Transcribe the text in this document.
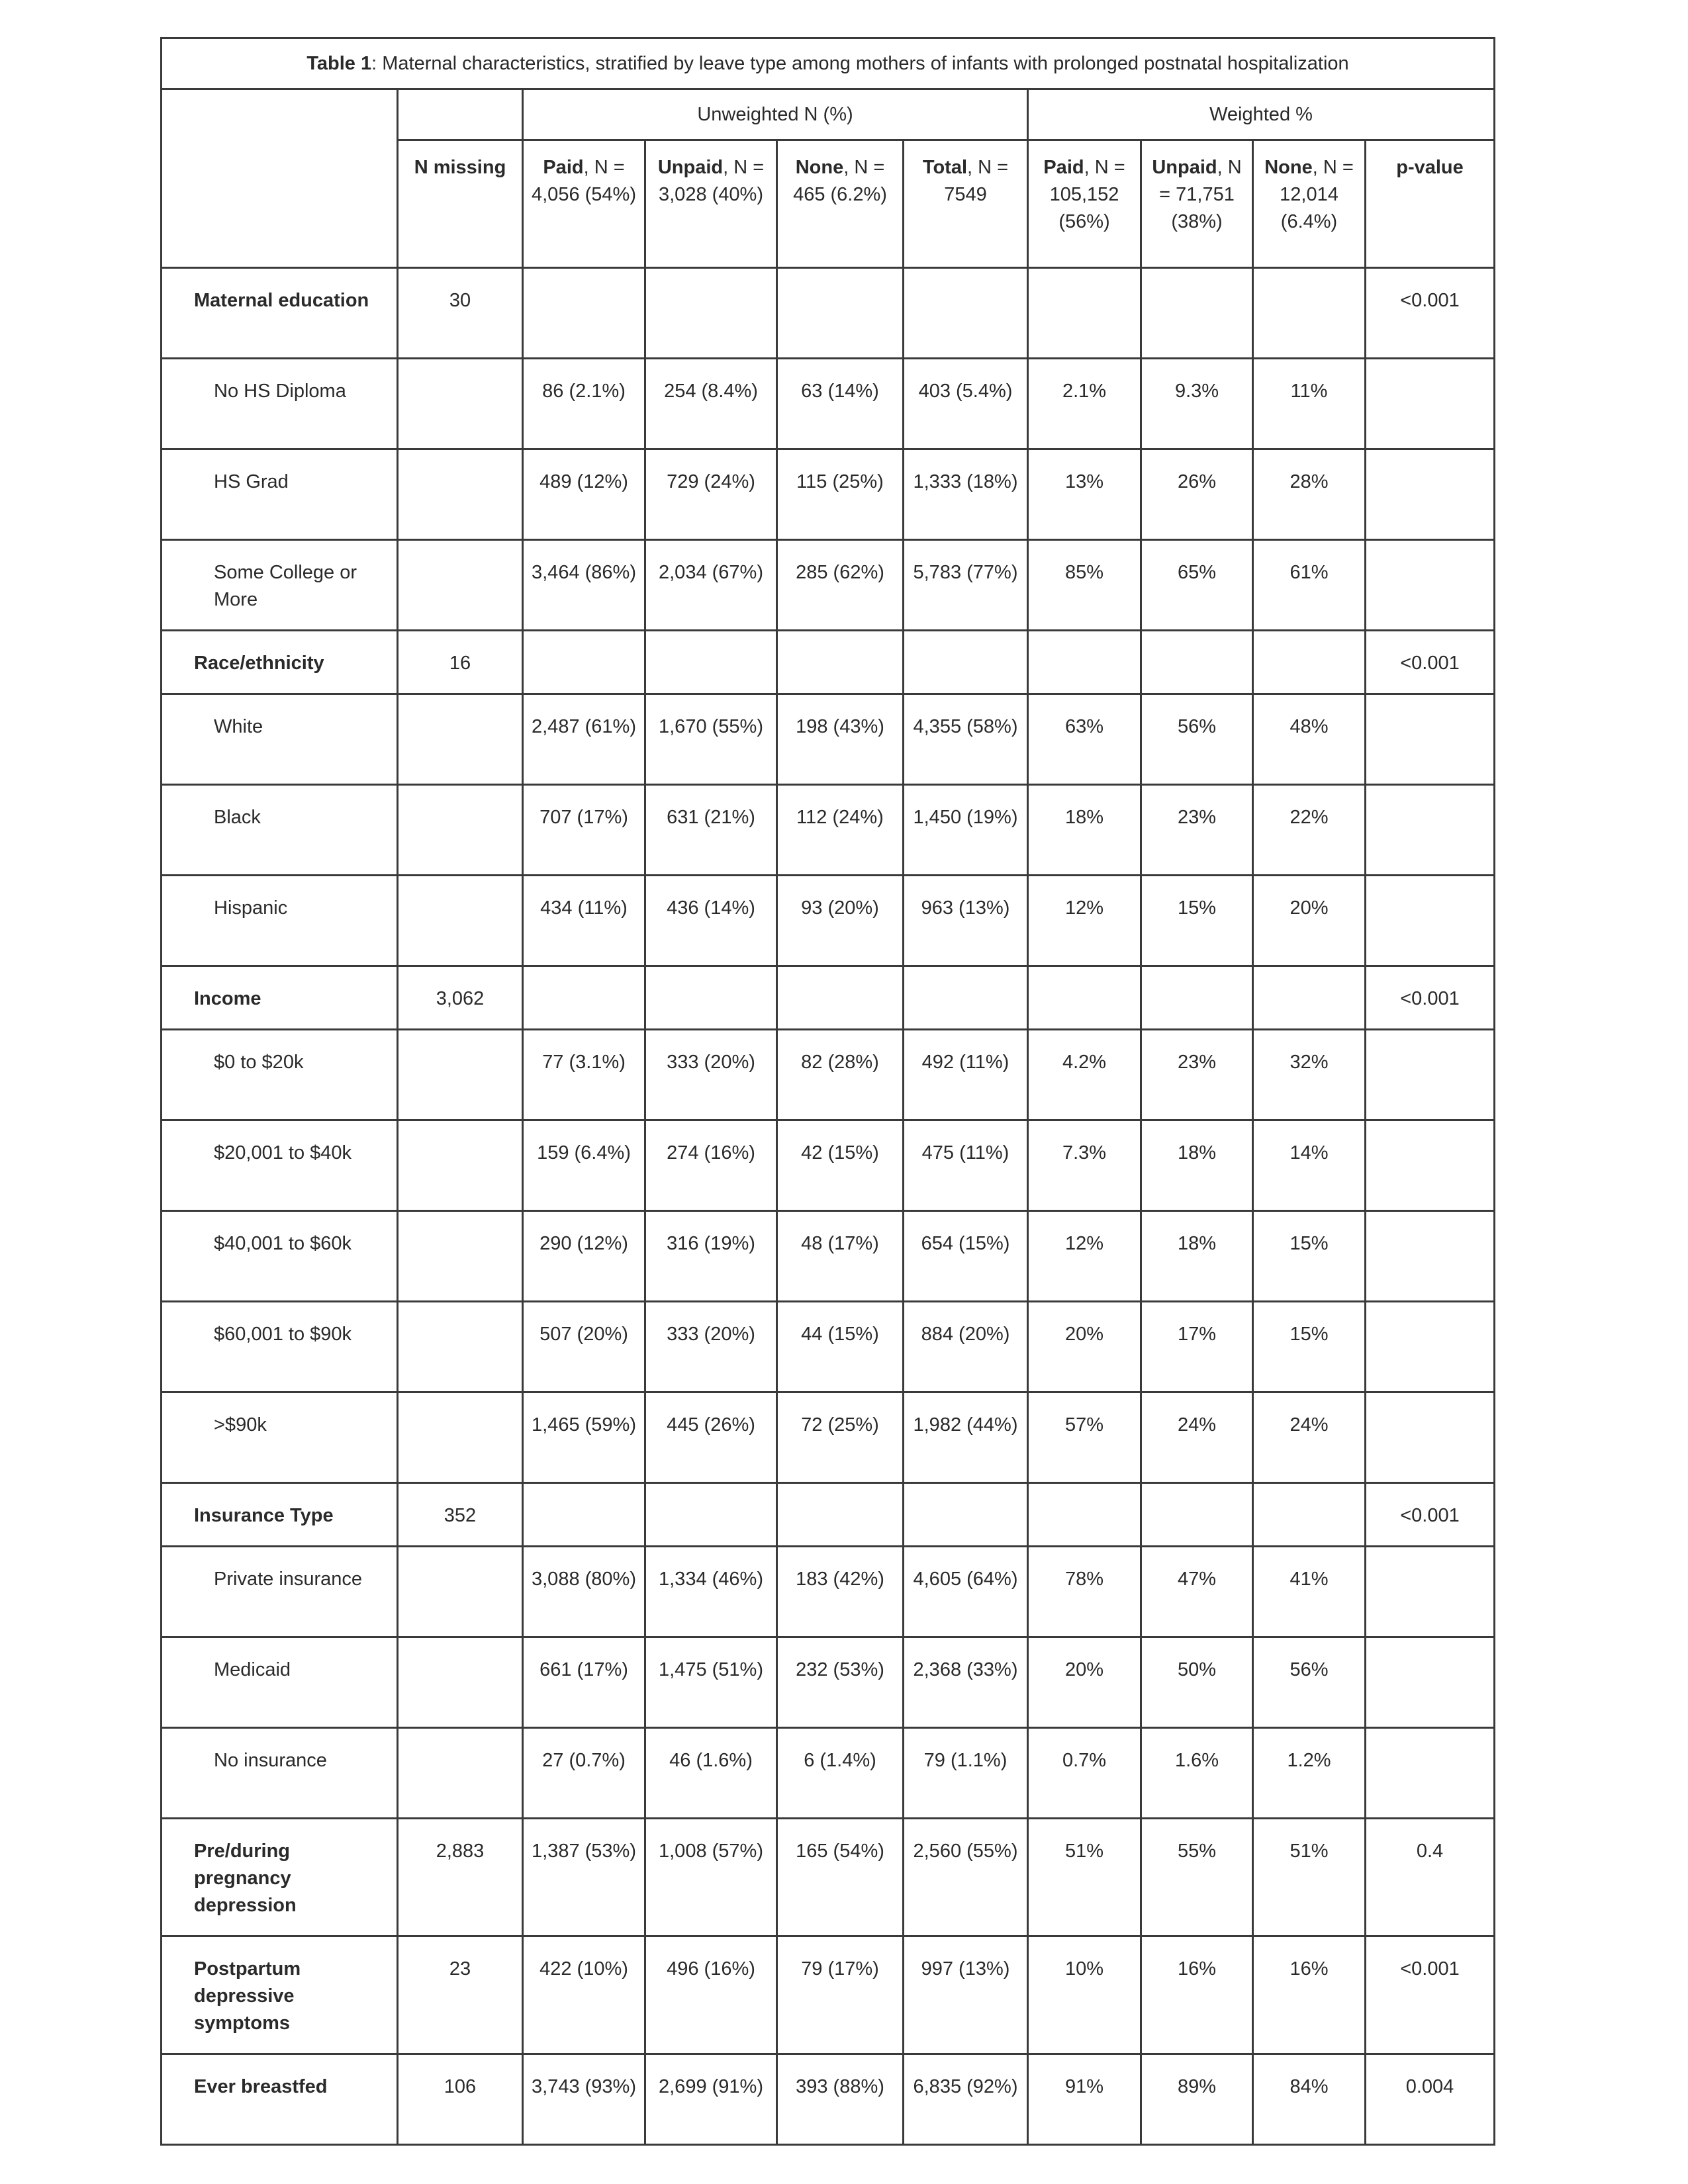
Table 1: Maternal characteristics, stratified by leave type among mothers of infants with prolonged postnatal hospitalization									
		Unweighted N (%)				Weighted %			
	N missing	Paid, N = 4,056 (54%)	Unpaid, N = 3,028 (40%)	None, N = 465 (6.2%)	Total, N = 7549	Paid, N = 105,152 (56%)	Unpaid, N = 71,751 (38%)	None, N = 12,014 (6.4%)	p-value
Maternal education	30								<0.001
No HS Diploma		86 (2.1%)	254 (8.4%)	63 (14%)	403 (5.4%)	2.1%	9.3%	11%	
HS Grad		489 (12%)	729 (24%)	115 (25%)	1,333 (18%)	13%	26%	28%	
Some College or More		3,464 (86%)	2,034 (67%)	285 (62%)	5,783 (77%)	85%	65%	61%	
Race/ethnicity	16								<0.001
White		2,487 (61%)	1,670 (55%)	198 (43%)	4,355 (58%)	63%	56%	48%	
Black		707 (17%)	631 (21%)	112 (24%)	1,450 (19%)	18%	23%	22%	
Hispanic		434 (11%)	436 (14%)	93 (20%)	963 (13%)	12%	15%	20%	
Income	3,062								<0.001
$0 to $20k		77 (3.1%)	333 (20%)	82 (28%)	492 (11%)	4.2%	23%	32%	
$20,001 to $40k		159 (6.4%)	274 (16%)	42 (15%)	475 (11%)	7.3%	18%	14%	
$40,001 to $60k		290 (12%)	316 (19%)	48 (17%)	654 (15%)	12%	18%	15%	
$60,001 to $90k		507 (20%)	333 (20%)	44 (15%)	884 (20%)	20%	17%	15%	
>$90k		1,465 (59%)	445 (26%)	72 (25%)	1,982 (44%)	57%	24%	24%	
Insurance Type	352								<0.001
Private insurance		3,088 (80%)	1,334 (46%)	183 (42%)	4,605 (64%)	78%	47%	41%	
Medicaid		661 (17%)	1,475 (51%)	232 (53%)	2,368 (33%)	20%	50%	56%	
No insurance		27 (0.7%)	46 (1.6%)	6 (1.4%)	79 (1.1%)	0.7%	1.6%	1.2%	
Pre/during pregnancy depression	2,883	1,387 (53%)	1,008 (57%)	165 (54%)	2,560 (55%)	51%	55%	51%	0.4
Postpartum depressive symptoms	23	422 (10%)	496 (16%)	79 (17%)	997 (13%)	10%	16%	16%	<0.001
Ever breastfed	106	3,743 (93%)	2,699 (91%)	393 (88%)	6,835 (92%)	91%	89%	84%	0.004
